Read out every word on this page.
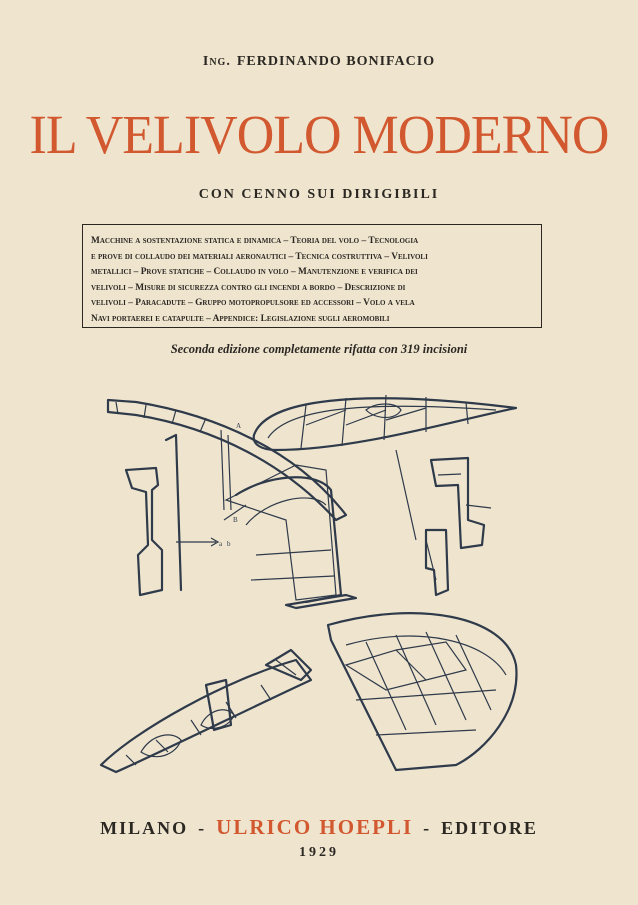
Ing. FERDINANDO BONIFACIO
IL VELIVOLO MODERNO
CON CENNO SUI DIRIGIBILI

Macchine a sostentazione statica e dinamica – Teoria del volo – Tecnologia

e prove di collaudo dei materiali aeronautici – Tecnica costruttiva – Velivoli

metallici – Prove statiche – Collaudo in volo – Manutenzione e verifica dei

velivoli – Misure di sicurezza contro gli incendi a bordo – Descrizione di

velivoli – Paracadute – Gruppo motopropulsore ed accessori – Volo a vela

Navi portaerei e catapulte – Appendice: Legislazione sugli aeromobili

Seconda edizione completamente rifatta con 319 incisioni
A
B
a b
MILANO - ULRICO HOEPLI - EDITORE
1929
